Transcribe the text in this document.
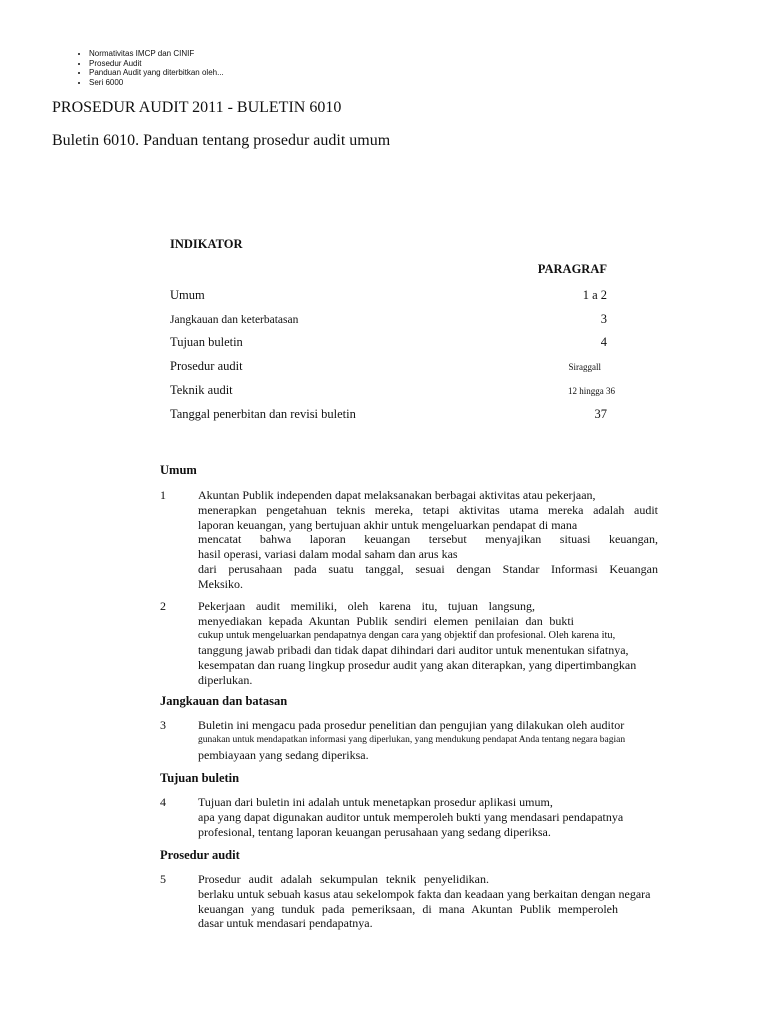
• Normativitas IMCP dan CINIF
• Prosedur Audit
• Panduan Audit yang diterbitkan oleh...
• Seri 6000
PROSEDUR AUDIT 2011 - BULETIN 6010
Buletin 6010. Panduan tentang prosedur audit umum
INDIKATOR
PARAGRAF
Umum	1 a 2
Jangkauan dan keterbatasan	3
Tujuan buletin	4
Prosedur audit	Siraggall
Teknik audit	12 hingga 36
Tanggal penerbitan dan revisi buletin	37
Umum
1	Akuntan Publik independen dapat melaksanakan berbagai aktivitas atau pekerjaan,
menerapkan pengetahuan teknis mereka, tetapi aktivitas utama mereka adalah audit
laporan keuangan, yang bertujuan akhir untuk mengeluarkan pendapat di mana
mencatat bahwa laporan keuangan tersebut menyajikan situasi keuangan,
hasil operasi, variasi dalam modal saham dan arus kas
dari perusahaan pada suatu tanggal, sesuai dengan Standar Informasi Keuangan
Meksiko.
2	Pekerjaan audit memiliki, oleh karena itu, tujuan langsung,
menyediakan kepada Akuntan Publik sendiri elemen penilaian dan bukti
cukup untuk mengeluarkan pendapatnya dengan cara yang objektif dan profesional. Oleh karena itu,
tanggung jawab pribadi dan tidak dapat dihindari dari auditor untuk menentukan sifatnya,
kesempatan dan ruang lingkup prosedur audit yang akan diterapkan, yang dipertimbangkan
diperlukan.
Jangkauan dan batasan
3	Buletin ini mengacu pada prosedur penelitian dan pengujian yang dilakukan oleh auditor
gunakan untuk mendapatkan informasi yang diperlukan, yang mendukung pendapat Anda tentang negara bagian
pembiayaan yang sedang diperiksa.
Tujuan buletin
4	Tujuan dari buletin ini adalah untuk menetapkan prosedur aplikasi umum,
apa yang dapat digunakan auditor untuk memperoleh bukti yang mendasari pendapatnya
profesional, tentang laporan keuangan perusahaan yang sedang diperiksa.
Prosedur audit
5	Prosedur audit adalah sekumpulan teknik penyelidikan.
berlaku untuk sebuah kasus atau sekelompok fakta dan keadaan yang berkaitan dengan negara
keuangan yang tunduk pada pemeriksaan, di mana Akuntan Publik memperoleh
dasar untuk mendasari pendapatnya.
